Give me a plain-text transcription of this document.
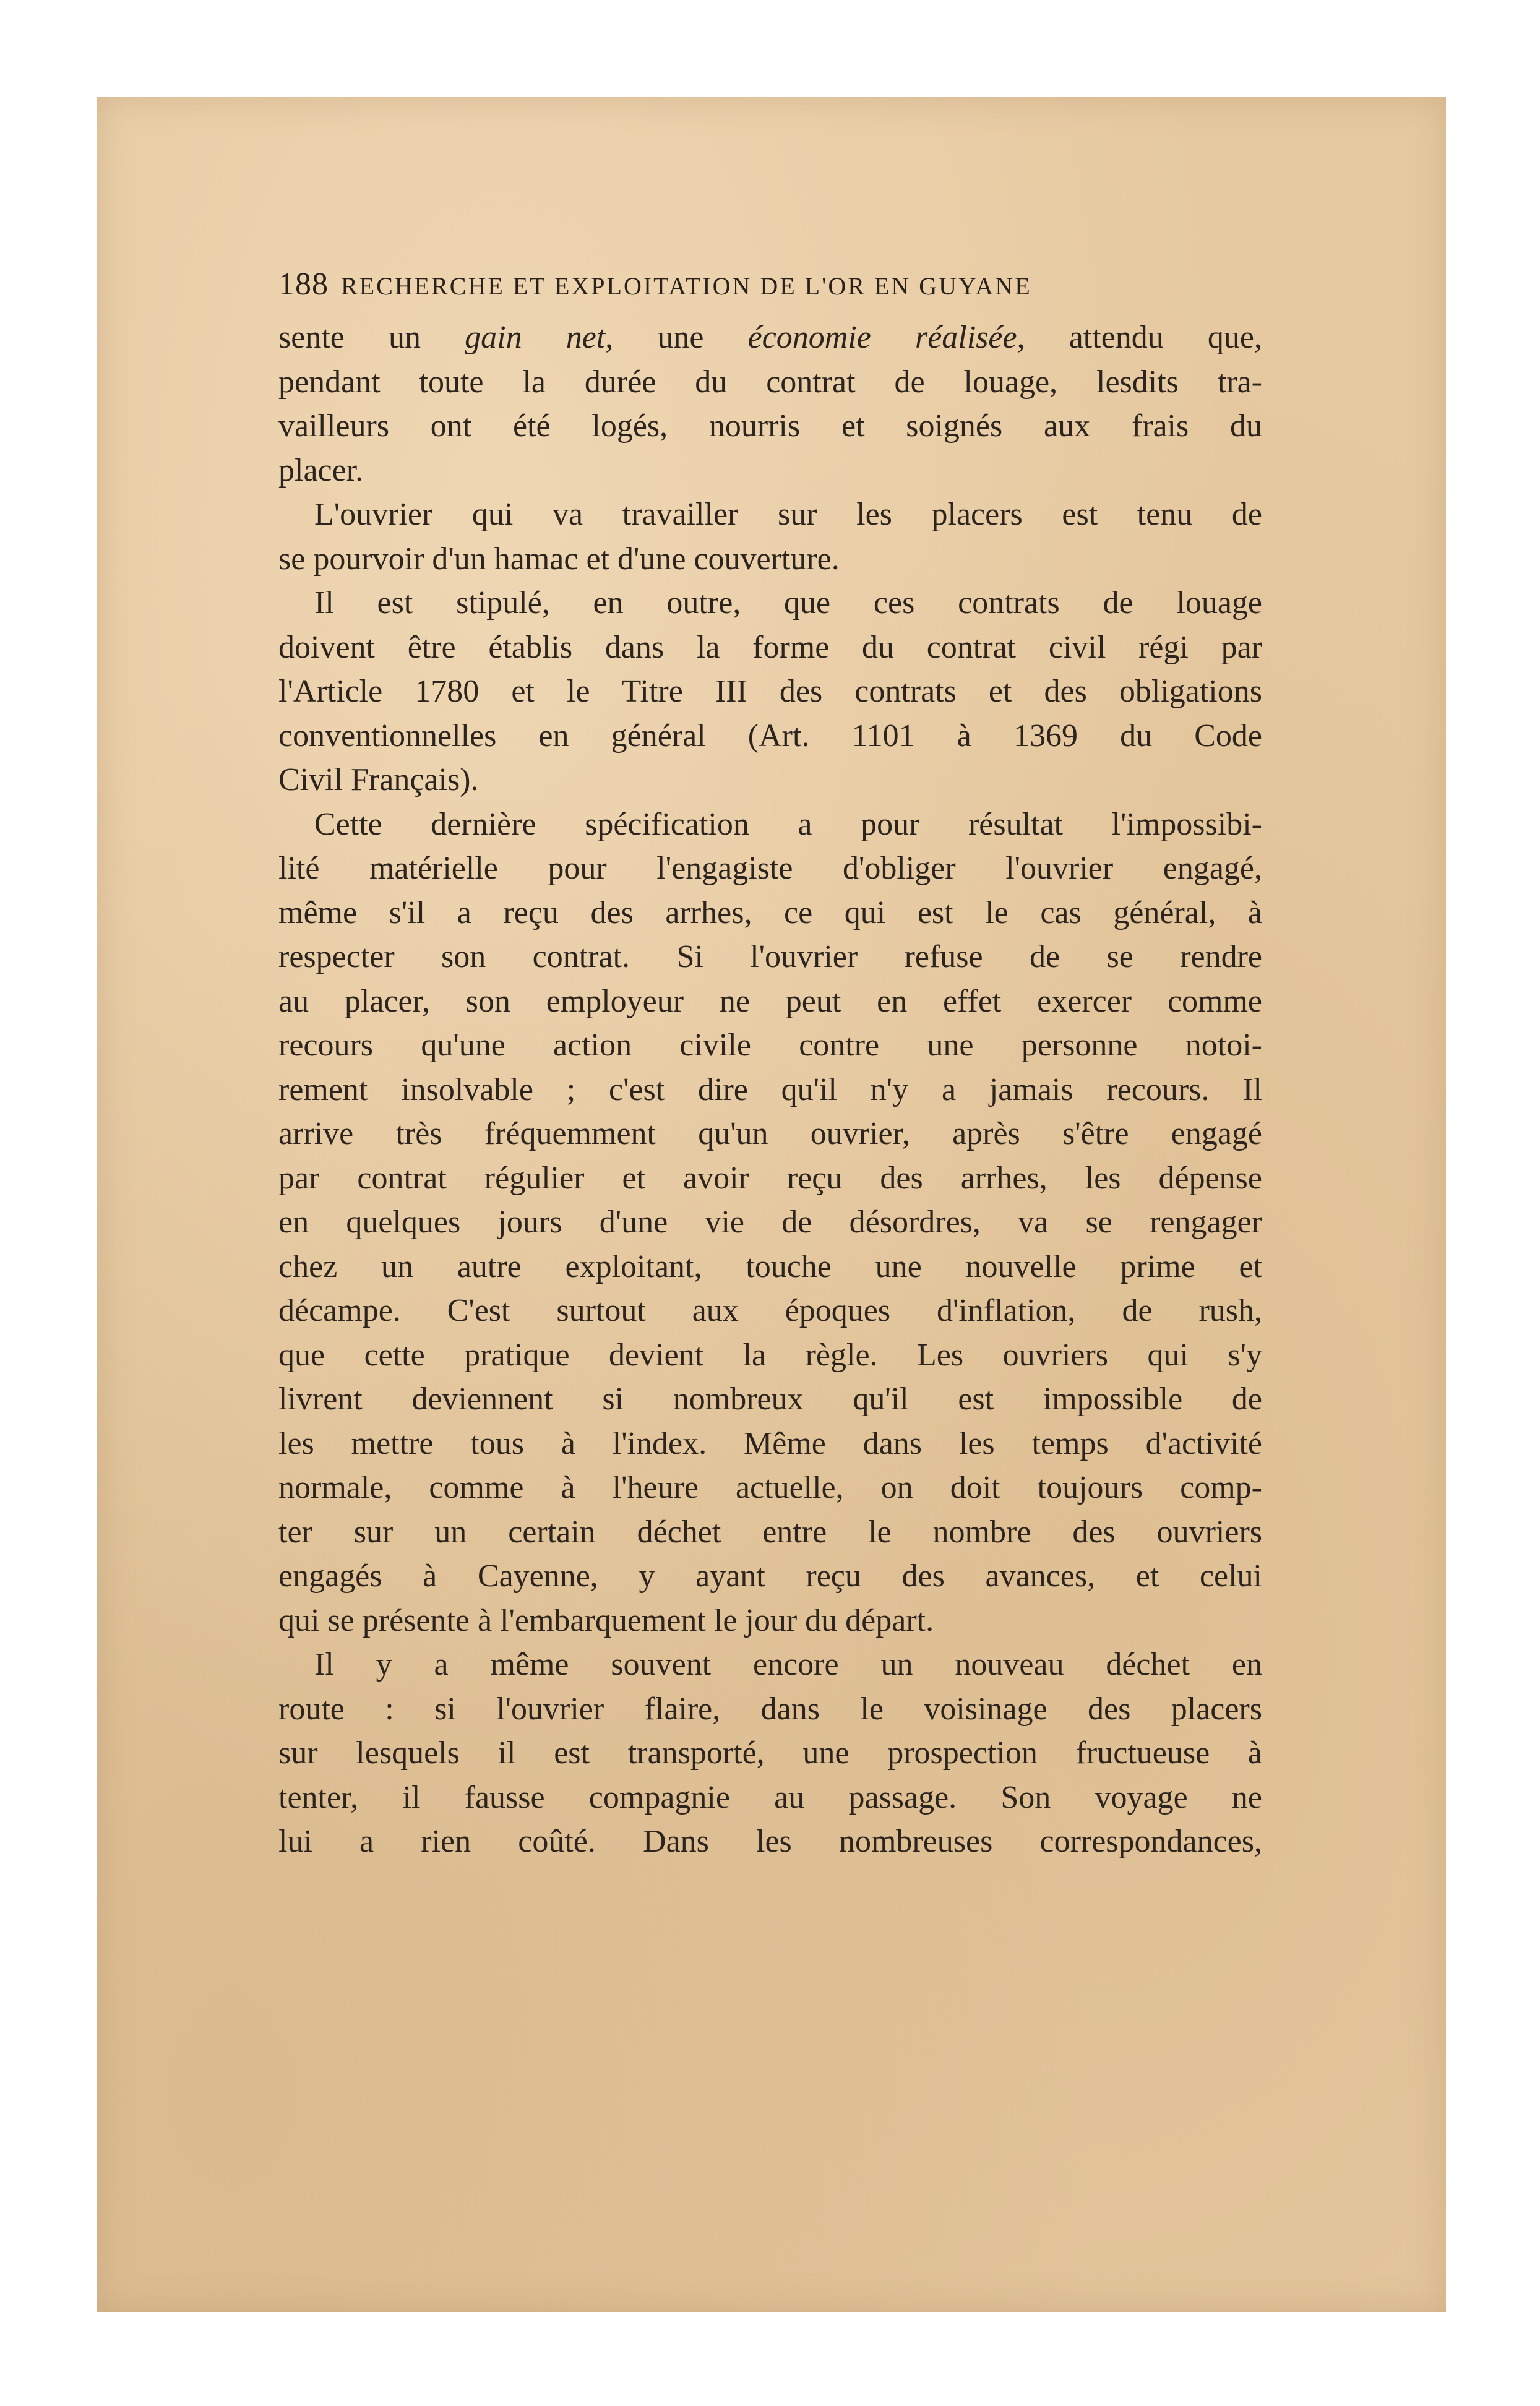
188 RECHERCHE ET EXPLOITATION DE L'OR EN GUYANE

sente un gain net, une économie réalisée, attendu que,

pendant toute la durée du contrat de louage, lesdits tra-

vailleurs ont été logés, nourris et soignés aux frais du

placer.

L'ouvrier qui va travailler sur les placers est tenu de

se pourvoir d'un hamac et d'une couverture.

Il est stipulé, en outre, que ces contrats de louage

doivent être établis dans la forme du contrat civil régi par

l'Article 1780 et le Titre III des contrats et des obligations

conventionnelles en général (Art. 1101 à 1369 du Code

Civil Français).

Cette dernière spécification a pour résultat l'impossibi-

lité matérielle pour l'engagiste d'obliger l'ouvrier engagé,

même s'il a reçu des arrhes, ce qui est le cas général, à

respecter son contrat. Si l'ouvrier refuse de se rendre

au placer, son employeur ne peut en effet exercer comme

recours qu'une action civile contre une personne notoi-

rement insolvable ; c'est dire qu'il n'y a jamais recours. Il

arrive très fréquemment qu'un ouvrier, après s'être engagé

par contrat régulier et avoir reçu des arrhes, les dépense

en quelques jours d'une vie de désordres, va se rengager

chez un autre exploitant, touche une nouvelle prime et

décampe. C'est surtout aux époques d'inflation, de rush,

que cette pratique devient la règle. Les ouvriers qui s'y

livrent deviennent si nombreux qu'il est impossible de

les mettre tous à l'index. Même dans les temps d'activité

normale, comme à l'heure actuelle, on doit toujours comp-

ter sur un certain déchet entre le nombre des ouvriers

engagés à Cayenne, y ayant reçu des avances, et celui

qui se présente à l'embarquement le jour du départ.

Il y a même souvent encore un nouveau déchet en

route : si l'ouvrier flaire, dans le voisinage des placers

sur lesquels il est transporté, une prospection fructueuse à

tenter, il fausse compagnie au passage. Son voyage ne

lui a rien coûté. Dans les nombreuses correspondances,
